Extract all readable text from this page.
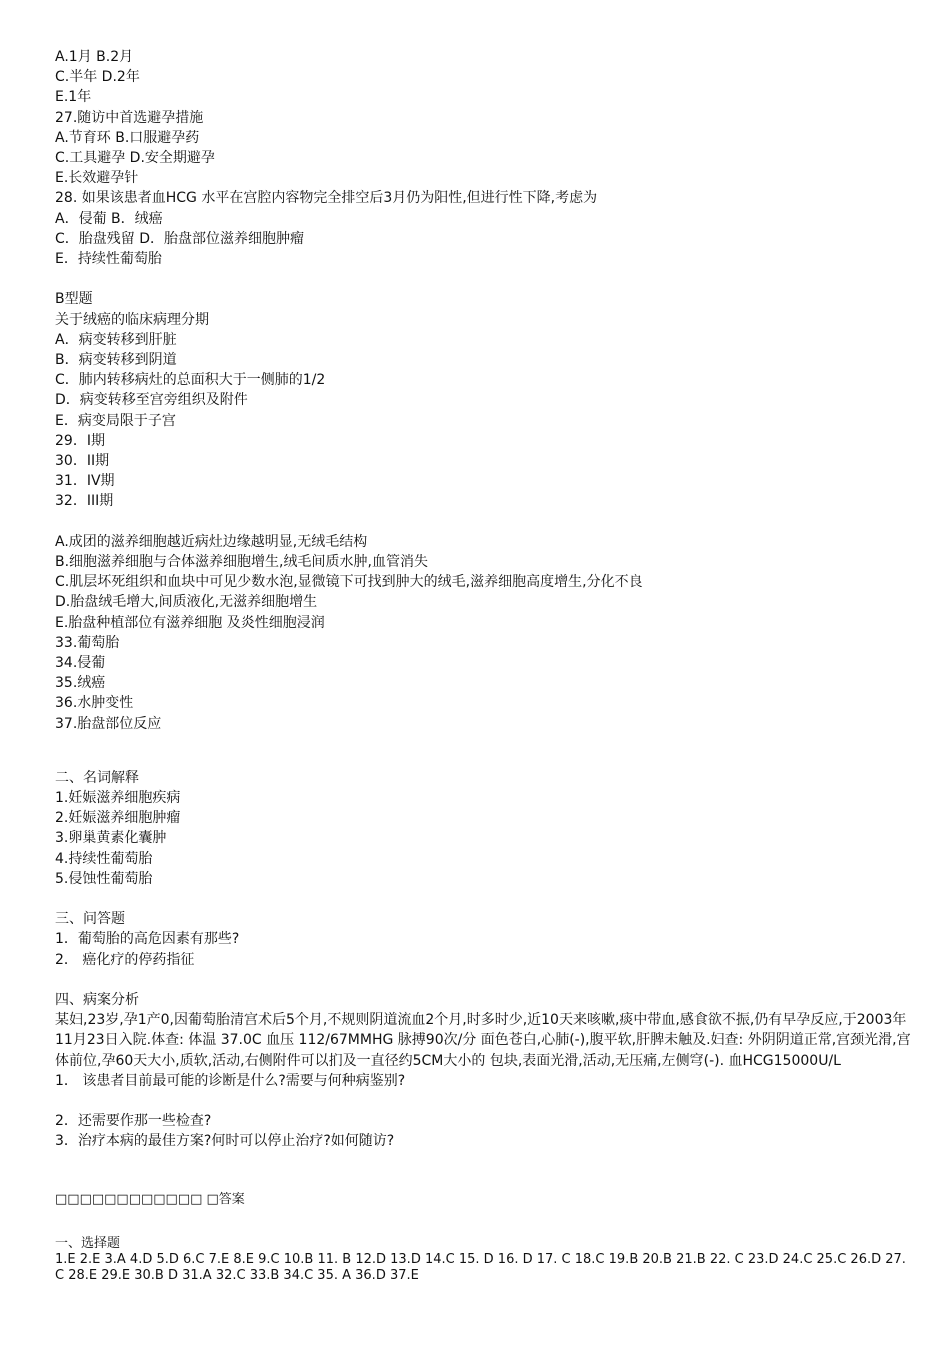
A.1月 B.2月
C.半年 D.2年
E.1年
27.随访中首选避孕措施
A.节育环 B.口服避孕药
C.工具避孕 D.安全期避孕
E.长效避孕针
28. 如果该患者血HCG 水平在宫腔内容物完全排空后3月仍为阳性,但进行性下降,考虑为
A．侵葡 B．绒癌
C．胎盘残留 D．胎盘部位滋养细胞肿瘤
E．持续性葡萄胎
B型题
关于绒癌的临床病理分期
A．病变转移到肝脏
B．病变转移到阴道
C．肺内转移病灶的总面积大于一侧肺的1/2
D．病变转移至宫旁组织及附件
E．病变局限于子宫
29．I期
30．II期
31．IV期
32．III期
A.成团的滋养细胞越近病灶边缘越明显,无绒毛结构
B.细胞滋养细胞与合体滋养细胞增生,绒毛间质水肿,血管消失
C.肌层坏死组织和血块中可见少数水泡,显微镜下可找到肿大的绒毛,滋养细胞高度增生,分化不良
D.胎盘绒毛增大,间质液化,无滋养细胞增生
E.胎盘种植部位有滋养细胞 及炎性细胞浸润
33.葡萄胎
34.侵葡
35.绒癌
36.水肿变性
37.胎盘部位反应
二、名词解释
1.妊娠滋养细胞疾病
2.妊娠滋养细胞肿瘤
3.卵巢黄素化囊肿
4.持续性葡萄胎
5.侵蚀性葡萄胎
三、问答题
1．葡萄胎的高危因素有那些?
2． 癌化疗的停药指征
四、病案分析
某妇,23岁,孕1产0,因葡萄胎清宫术后5个月,不规则阴道流血2个月,时多时少,近10天来咳嗽,痰中带血,感食欲不振,仍有早孕反应,于2003年11月23日入院.体查: 体温 37.0C 血压 112/67MMHG 脉搏90次/分 面色苍白,心肺(-),腹平软,肝脾未触及.妇查: 外阴阴道正常,宫颈光滑,宫体前位,孕60天大小,质软,活动,右侧附件可以扪及一直径约5CM大小的 包块,表面光滑,活动,无压痛,左侧穹(-). 血HCG15000U/L
1． 该患者目前最可能的诊断是什么?需要与何种病鉴别?
2．还需要作那一些检查?
3．治疗本病的最佳方案?何时可以停止治疗?如何随访?
□□□□□□□□□□□□ □答案
一、选择题
1.E 2.E 3.A 4.D 5.D 6.C 7.E 8.E 9.C 10.B 11. B 12.D 13.D 14.C 15. D 16. D 17. C 18.C 19.B 20.B 21.B 22. C 23.D 24.C 25.C 26.D 27.C 28.E 29.E 30.B D 31.A 32.C 33.B 34.C 35. A 36.D 37.E
